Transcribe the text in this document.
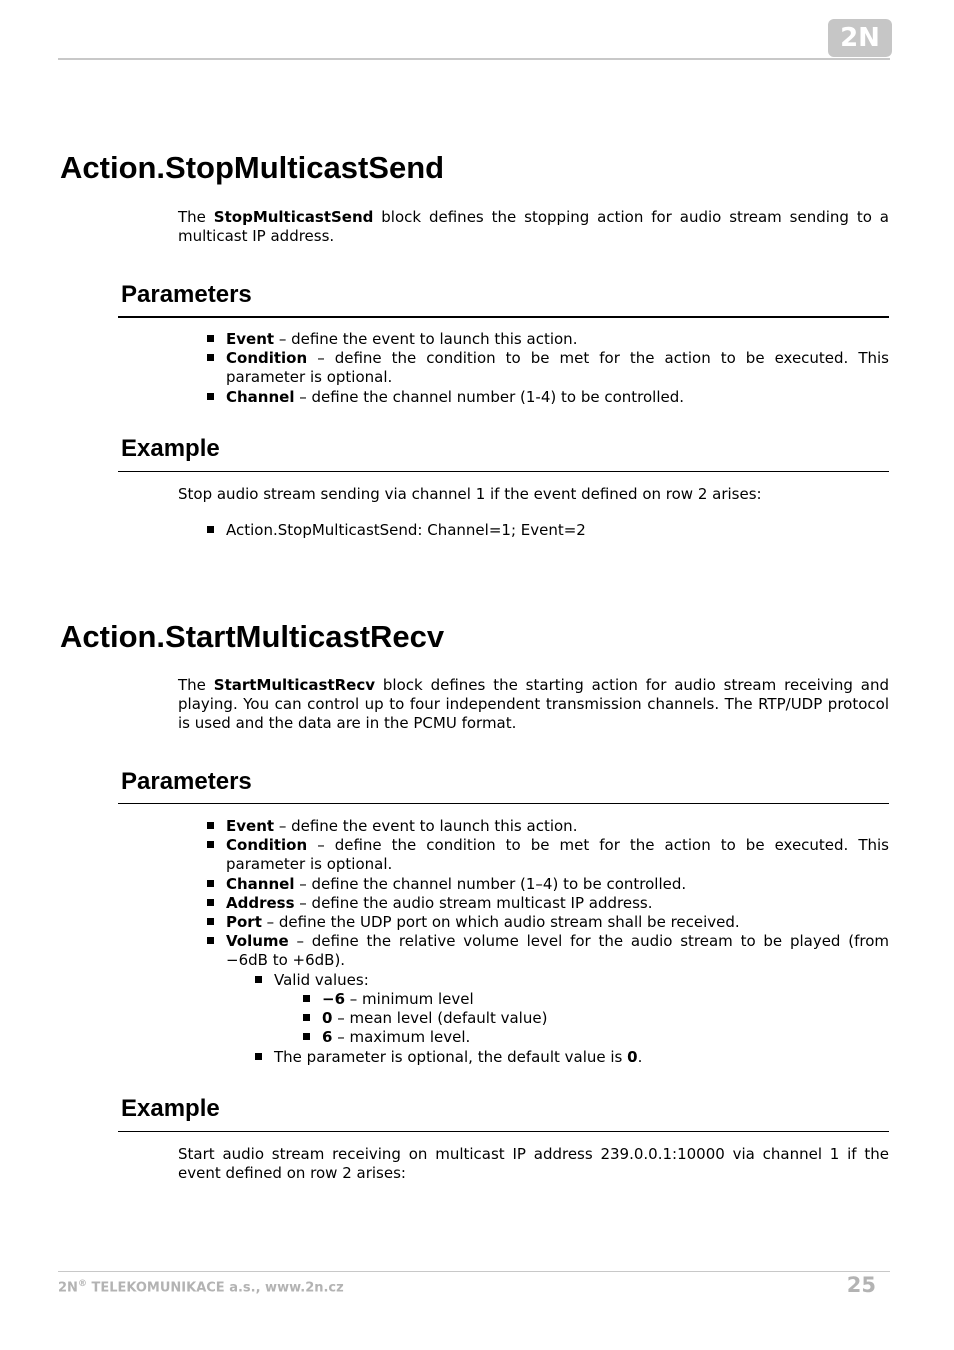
2N
Action.StopMulticastSend

The StopMulticastSend block defines the stopping action for audio stream sending to a multicast IP address.

Parameters
Event – define the event to launch this action.
Condition – define the condition to be met for the action to be executed. This parameter is optional.
Channel – define the channel number (1-4) to be controlled.
Example

Stop audio stream sending via channel 1 if the event defined on row 2 arises:

Action.StopMulticastSend: Channel=1; Event=2
Action.StartMulticastRecv

The StartMulticastRecv block defines the starting action for audio stream receiving and playing. You can control up to four independent transmission channels. The RTP/UDP protocol is used and the data are in the PCMU format.

Parameters
Event – define the event to launch this action.
Condition – define the condition to be met for the action to be executed. This parameter is optional.
Channel – define the channel number (1–4) to be controlled.
Address – define the audio stream multicast IP address.
Port – define the UDP port on which audio stream shall be received.
Volume – define the relative volume level for the audio stream to be played (from −6dB to +6dB).
Valid values:
−6 – minimum level
0 – mean level (default value)
6 – maximum level.
The parameter is optional, the default value is 0.
Example

Start audio stream receiving on multicast IP address 239.0.0.1:10000 via channel 1 if the event defined on row 2 arises:

2N® TELEKOMUNIKACE a.s., www.2n.cz	25
